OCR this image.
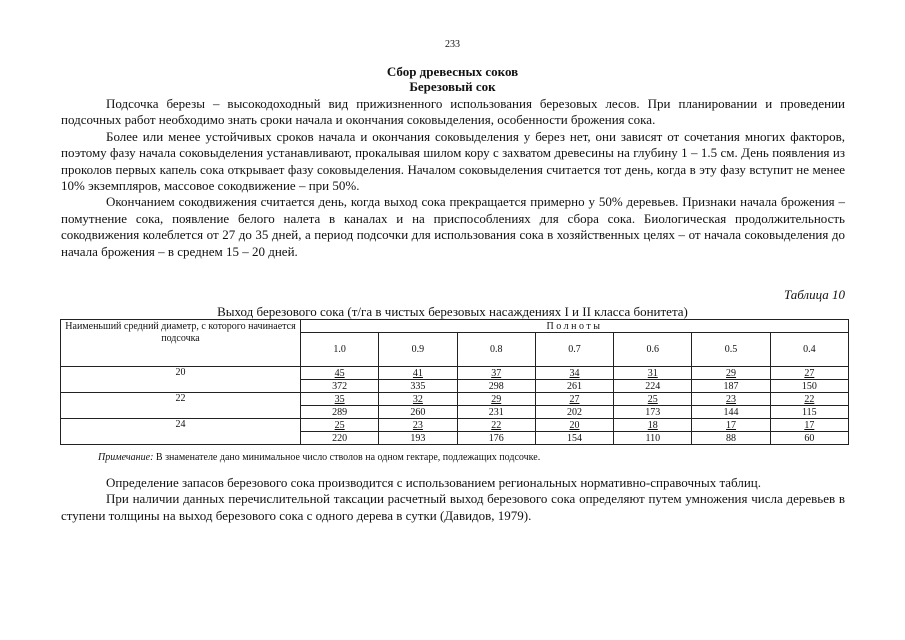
233
Сбор древесных соков
Березовый сок

Подсочка березы – высокодоходный вид прижизненного использования березовых лесов. При планировании и проведении подсочных работ необходимо знать сроки начала и окончания соковыделения, особенности брожения сока.

Более или менее устойчивых сроков начала и окончания соковыделения у берез нет, они зависят от сочетания многих факторов, поэтому фазу начала соковыделения устанавливают, прокалывая шилом кору с захватом древесины на глубину 1 – 1.5 см. День появления из проколов первых капель сока открывает фазу соковыделения. Началом соковыделения считается тот день, когда в эту фазу вступит не менее 10% экземпляров, массовое сокодвижение – при 50%.

Окончанием сокодвижения считается день, когда выход сока прекращается примерно у 50% деревьев. Признаки начала брожения – помутнение сока, появление белого налета в каналах и на приспособлениях для сбора сока. Биологическая продолжительность сокодвижения колеблется от 27 до 35 дней, а период подсочки для использования сока в хозяйственных целях – от начала соковыделения до начала брожения – в среднем 15 – 20 дней.

Таблица 10
Выход березового сока (т/га в чистых березовых насаждениях I и II класса бонитета)
Наименьший средний диаметр, с которого начинается подсочка	Полноты						
	1.0	0.9	0.8	0.7	0.6	0.5	0.4
20	45	41	37	34	31	29	27
	372	335	298	261	224	187	150
22	35	32	29	27	25	23	22
	289	260	231	202	173	144	115
24	25	23	22	20	18	17	17
	220	193	176	154	110	88	60
Примечание: В знаменателе дано минимальное число стволов на одном гектаре, подлежащих подсочке.

Определение запасов березового сока производится с использованием региональных нормативно-справочных таблиц.

При наличии данных перечислительной таксации расчетный выход березового сока определяют путем умножения числа деревьев в ступени толщины на выход березового сока с одного дерева в сутки (Давидов, 1979).
